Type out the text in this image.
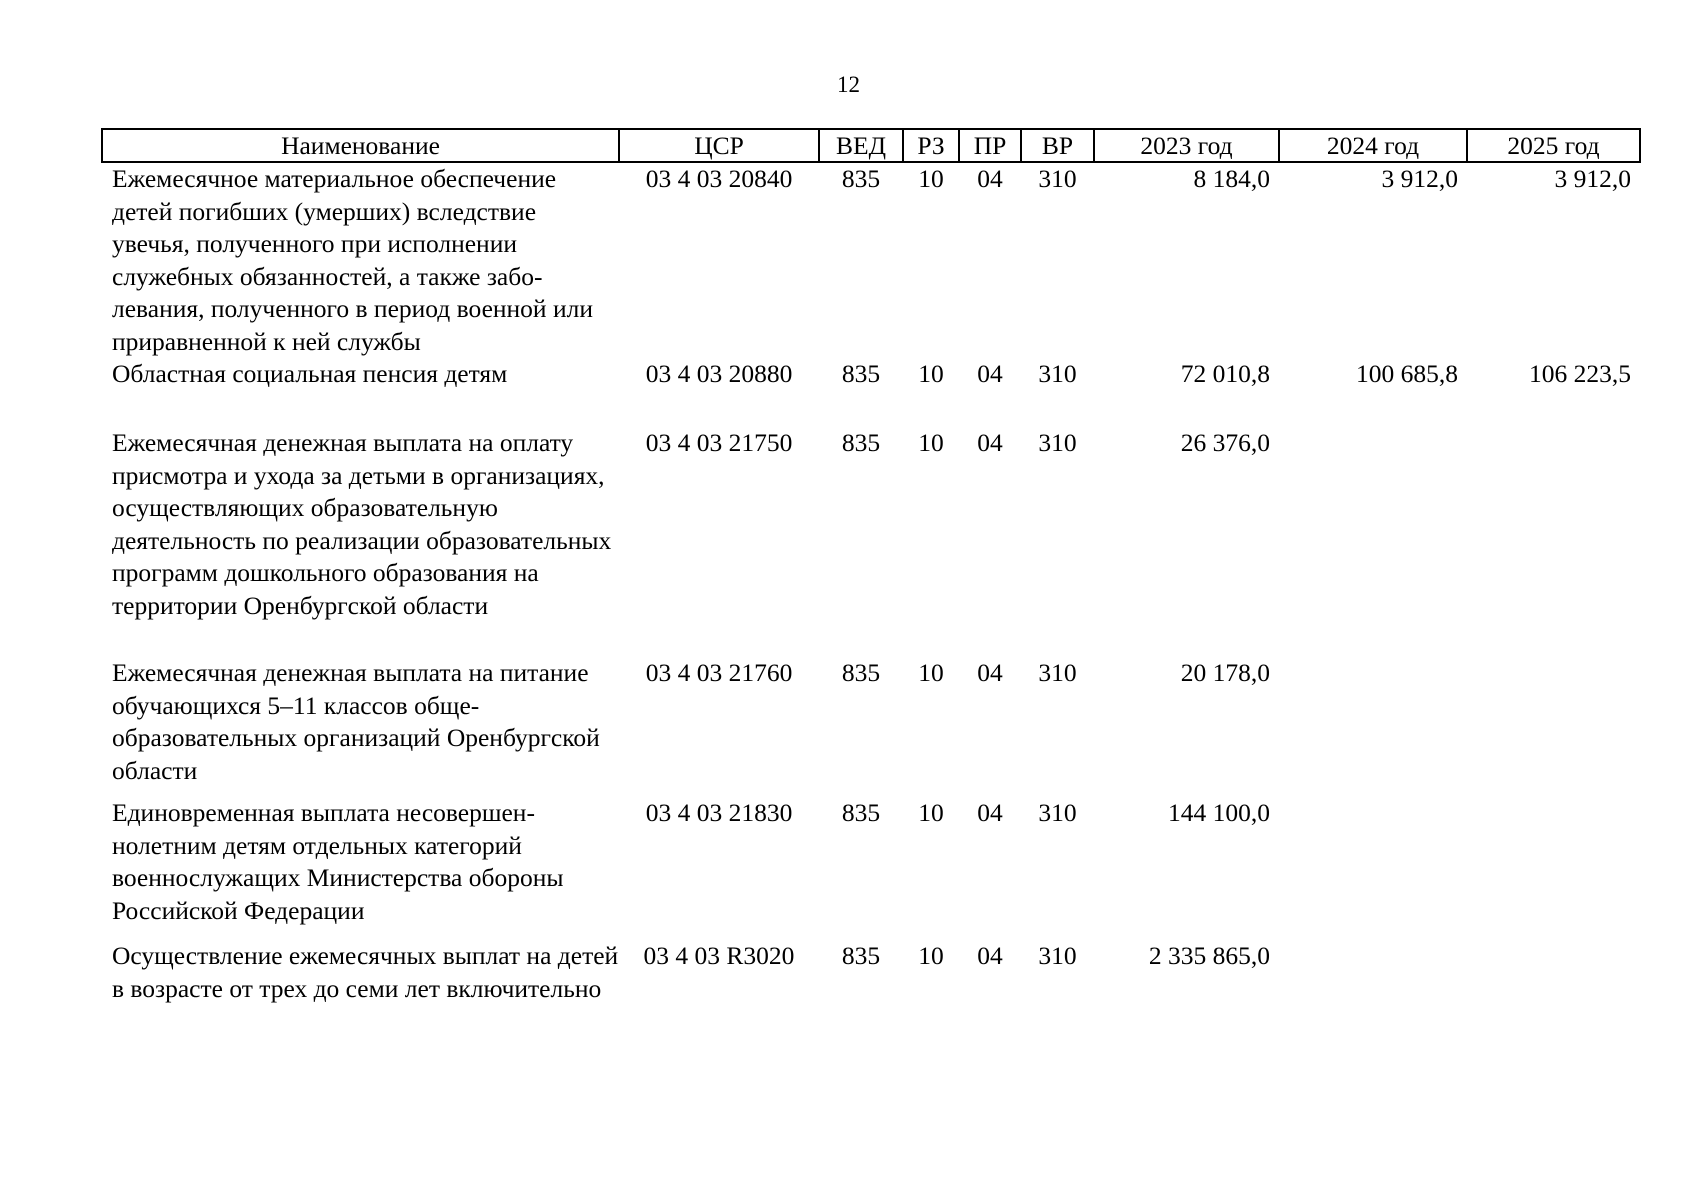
12
Наименование	ЦСР	ВЕД	РЗ	ПР	ВР	2023 год	2024 год	2025 год
Ежемесячное материальное обеспечение детей погибших (умерших) вследствие увечья, полученного при исполнении служебных обязанностей, а также заболевания, полученного в период военной или приравненной к ней службы	03 4 03 20840	835	10	04	310	8 184,0	3 912,0	3 912,0
Областная социальная пенсия детям	03 4 03 20880	835	10	04	310	72 010,8	100 685,8	106 223,5
Ежемесячная денежная выплата на оплату присмотра и ухода за детьми в организациях, осуществляющих образовательную деятельность по реализации образовательных программ дошкольного образования на территории Оренбургской области	03 4 03 21750	835	10	04	310	26 376,0		
Ежемесячная денежная выплата на питание обучающихся 5–11 классов общеобразовательных организаций Оренбургской области	03 4 03 21760	835	10	04	310	20 178,0		
Единовременная выплата несовершеннолетним детям отдельных категорий военнослужащих Министерства обороны Российской Федерации	03 4 03 21830	835	10	04	310	144 100,0		
Осуществление ежемесячных выплат на детей в возрасте от трех до семи лет включительно	03 4 03 R3020	835	10	04	310	2 335 865,0		
